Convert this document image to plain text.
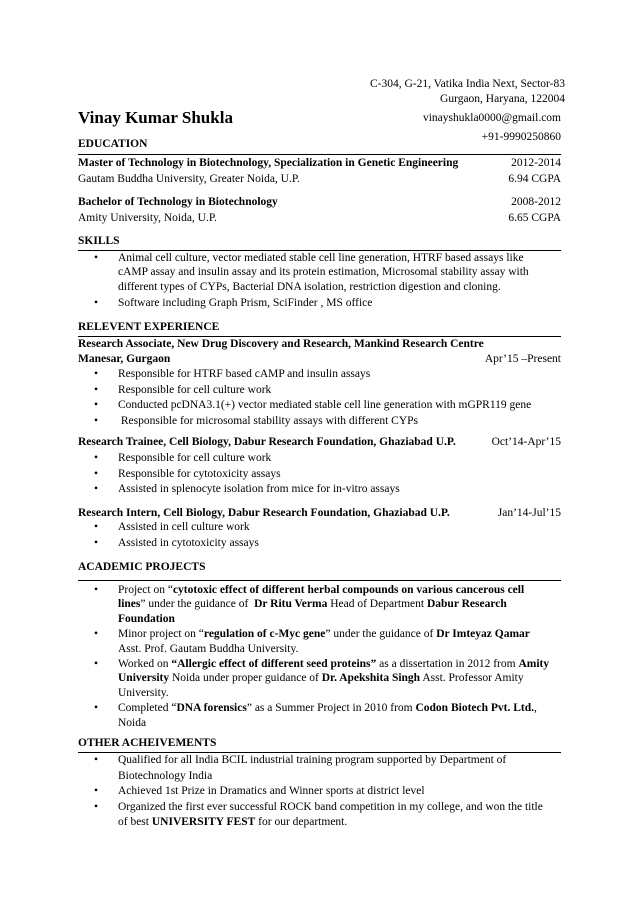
C-304, G-21, Vatika India Next, Sector-83
Gurgaon, Haryana, 122004
Vinay Kumar Shukla	vinayshukla0000@gmail.com
+91-9990250860
EDUCATION
Master of Technology in Biotechnology, Specialization in Genetic Engineering	2012-2014
Gautam Buddha University, Greater Noida, U.P.	6.94 CGPA
Bachelor of Technology in Biotechnology	2008-2012
Amity University, Noida, U.P.	6.65 CGPA
SKILLS
• Animal cell culture, vector mediated stable cell line generation, HTRF based assays like
cAMP assay and insulin assay and its protein estimation, Microsomal stability assay with
different types of CYPs, Bacterial DNA isolation, restriction digestion and cloning.
• Software including Graph Prism, SciFinder , MS office
RELEVENT EXPERIENCE
Research Associate, New Drug Discovery and Research, Mankind Research Centre
Manesar, Gurgaon	Apr’15 –Present
• Responsible for HTRF based cAMP and insulin assays
• Responsible for cell culture work
• Conducted pcDNA3.1(+) vector mediated stable cell line generation with mGPR119 gene
• Responsible for microsomal stability assays with different CYPs
Research Trainee, Cell Biology, Dabur Research Foundation, Ghaziabad U.P.	Oct’14-Apr’15
• Responsible for cell culture work
• Responsible for cytotoxicity assays
• Assisted in splenocyte isolation from mice for in-vitro assays
Research Intern, Cell Biology, Dabur Research Foundation, Ghaziabad U.P.	Jan’14-Jul’15
• Assisted in cell culture work
• Assisted in cytotoxicity assays
ACADEMIC PROJECTS
• Project on “cytotoxic effect of different herbal compounds on various cancerous cell
lines” under the guidance of  Dr Ritu Verma Head of Department Dabur Research
Foundation
• Minor project on “regulation of c-Myc gene” under the guidance of Dr Imteyaz Qamar
Asst. Prof. Gautam Buddha University.
• Worked on “Allergic effect of different seed proteins” as a dissertation in 2012 from Amity
University Noida under proper guidance of Dr. Apekshita Singh Asst. Professor Amity
University.
• Completed “DNA forensics” as a Summer Project in 2010 from Codon Biotech Pvt. Ltd.,
Noida
OTHER ACHEIVEMENTS
• Qualified for all India BCIL industrial training program supported by Department of
Biotechnology India
• Achieved 1st Prize in Dramatics and Winner sports at district level
• Organized the first ever successful ROCK band competition in my college, and won the title
of best UNIVERSITY FEST for our department.
